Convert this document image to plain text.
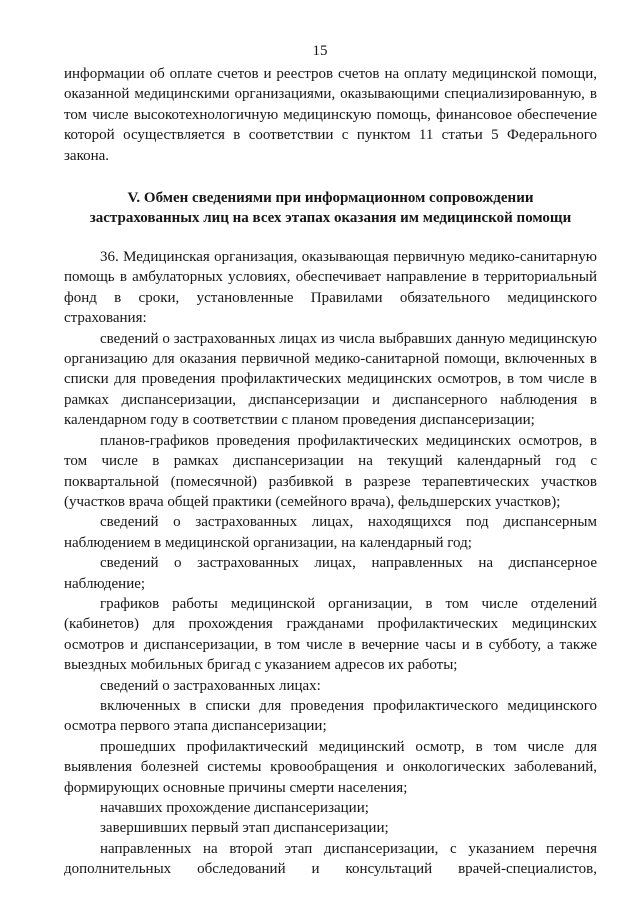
15

информации об оплате счетов и реестров счетов на оплату медицинской помощи, оказанной медицинскими организациями, оказывающими специализированную, в том числе высокотехнологичную медицинскую помощь, финансовое обеспечение которой осуществляется в соответствии с пунктом 11 статьи 5 Федерального закона.

V. Обмен сведениями при информационном сопровождении застрахованных лиц на всех этапах оказания им медицинской помощи

36. Медицинская организация, оказывающая первичную медико-санитарную помощь в амбулаторных условиях, обеспечивает направление в территориальный фонд в сроки, установленные Правилами обязательного медицинского страхования:

сведений о застрахованных лицах из числа выбравших данную медицинскую организацию для оказания первичной медико-санитарной помощи, включенных в списки для проведения профилактических медицинских осмотров, в том числе в рамках диспансеризации, диспансеризации и диспансерного наблюдения в календарном году в соответствии с планом проведения диспансеризации;

планов-графиков проведения профилактических медицинских осмотров, в том числе в рамках диспансеризации на текущий календарный год с поквартальной (помесячной) разбивкой в разрезе терапевтических участков (участков врача общей практики (семейного врача), фельдшерских участков);

сведений о застрахованных лицах, находящихся под диспансерным наблюдением в медицинской организации, на календарный год;

сведений о застрахованных лицах, направленных на диспансерное наблюдение;

графиков работы медицинской организации, в том числе отделений (кабинетов) для прохождения гражданами профилактических медицинских осмотров и диспансеризации, в том числе в вечерние часы и в субботу, а также выездных мобильных бригад с указанием адресов их работы;

сведений о застрахованных лицах:

включенных в списки для проведения профилактического медицинского осмотра первого этапа диспансеризации;

прошедших профилактический медицинский осмотр, в том числе для выявления болезней системы кровообращения и онкологических заболеваний, формирующих основные причины смерти населения;

начавших прохождение диспансеризации;

завершивших первый этап диспансеризации;

направленных на второй этап диспансеризации, с указанием перечня дополнительных обследований и консультаций врачей-специалистов,
